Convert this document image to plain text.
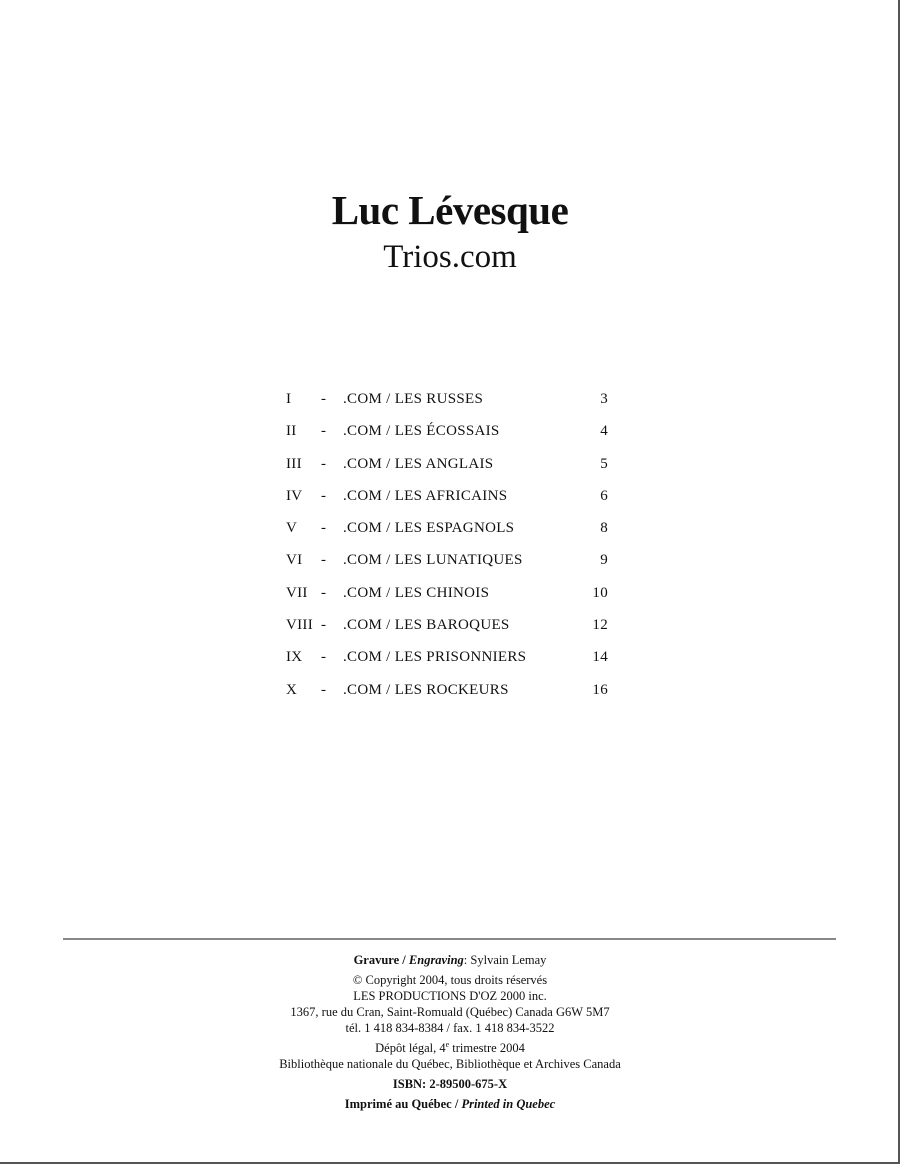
Luc Lévesque
Trios.com
I - .COM / LES RUSSES	3
II - .COM / LES ÉCOSSAIS	4
III - .COM / LES ANGLAIS	5
IV - .COM / LES AFRICAINS	6
V - .COM / LES ESPAGNOLS	8
VI - .COM / LES LUNATIQUES	9
VII - .COM / LES CHINOIS	10
VIII - .COM / LES BAROQUES	12
IX - .COM / LES PRISONNIERS	14
X - .COM / LES ROCKEURS	16
Gravure / Engraving: Sylvain Lemay
© Copyright 2004, tous droits réservés
LES PRODUCTIONS D'OZ 2000 inc.
1367, rue du Cran, Saint-Romuald (Québec) Canada G6W 5M7
tél. 1 418 834-8384 / fax. 1 418 834-3522
Dépôt légal, 4e trimestre 2004
Bibliothèque nationale du Québec, Bibliothèque et Archives Canada
ISBN: 2-89500-675-X
Imprimé au Québec / Printed in Quebec
